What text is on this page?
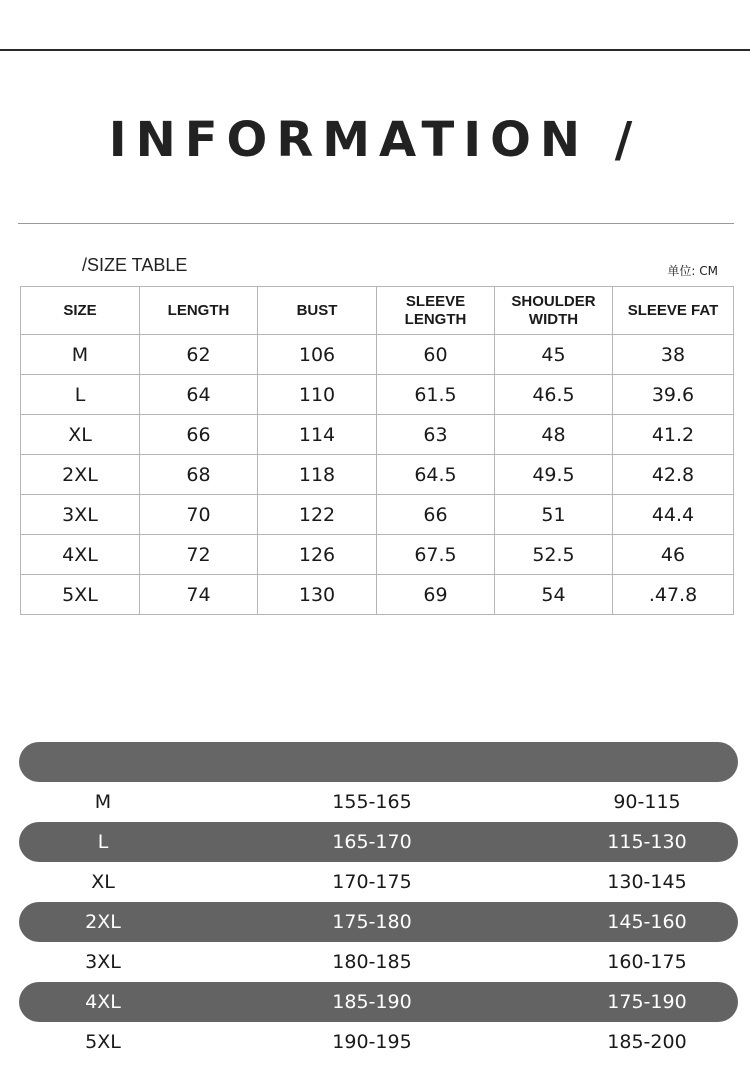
INFORMATION /
/SIZE TABLE	单位: CM
SIZE	LENGTH	BUST	SLEEVE LENGTH	SHOULDER WIDTH	SLEEVE FAT
M	62	106	60	45	38
L	64	110	61.5	46.5	39.6
XL	66	114	63	48	41.2
2XL	68	118	64.5	49.5	42.8
3XL	70	122	66	51	44.4
4XL	72	126	67.5	52.5	46
5XL	74	130	69	54	.47.8
M	155-165	90-115
L	165-170	115-130
XL	170-175	130-145
2XL	175-180	145-160
3XL	180-185	160-175
4XL	185-190	175-190
5XL	190-195	185-200
